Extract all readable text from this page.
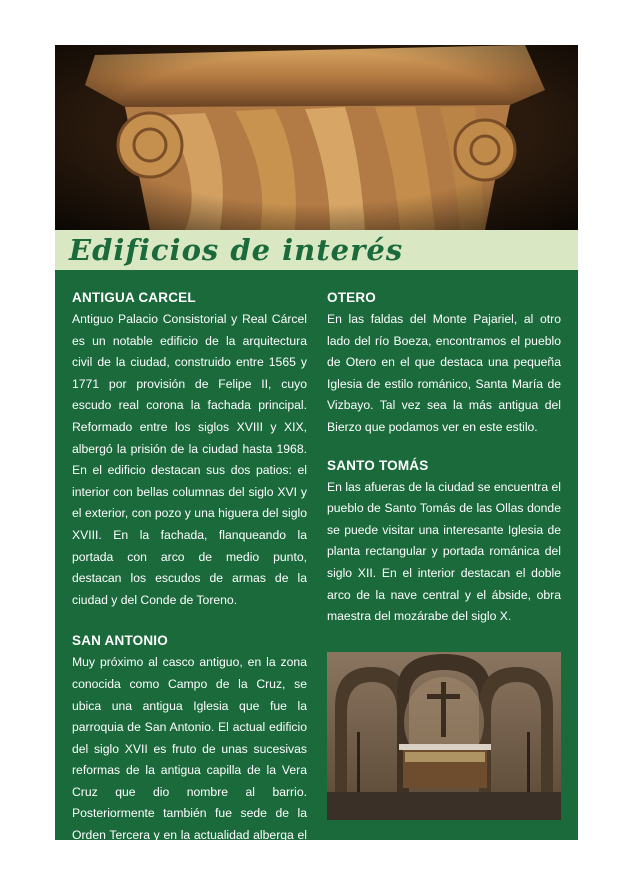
Edificios de interés
ANTIGUA CARCEL

Antiguo Palacio Consistorial y Real Cárcel es un notable edificio de la arquitectura civil de la ciudad, construido entre 1565 y 1771 por provisión de Felipe II, cuyo escudo real corona la fachada principal. Reformado entre los siglos XVIII y XIX, albergó la prisión de la ciudad hasta 1968. En el edificio destacan sus dos patios: el interior con bellas columnas del siglo XVI y el exterior, con pozo y una higuera del siglo XVIII. En la fachada, flanqueando la portada con arco de medio punto, destacan los escudos de armas de la ciudad y del Conde de Toreno.

SAN ANTONIO

Muy próximo al casco antiguo, en la zona conocida como Campo de la Cruz, se ubica una antigua Iglesia que fue la parroquia de San Antonio. El actual edificio del siglo XVII es fruto de unas sucesivas reformas de la antigua capilla de la Vera Cruz que dio nombre al barrio. Posteriormente también fue sede de la Orden Tercera y en la actualidad alberga el Museo de la Semana Santa.

OTERO

En las faldas del Monte Pajariel, al otro lado del río Boeza, encontramos el pueblo de Otero en el que destaca una pequeña Iglesia de estilo románico, Santa María de Vizbayo. Tal vez sea la más antigua del Bierzo que podamos ver en este estilo.

SANTO TOMÁS

En las afueras de la ciudad se encuentra el pueblo de Santo Tomás de las Ollas donde se puede visitar una interesante Iglesia de planta rectangular y portada románica del siglo XII. En el interior destacan el doble arco de la nave central y el ábside, obra maestra del mozárabe del siglo X.
